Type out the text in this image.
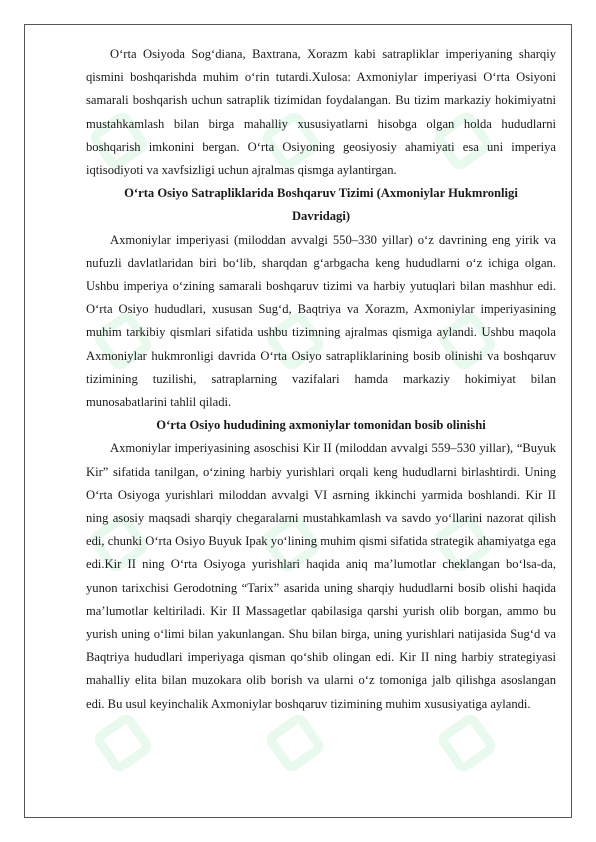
O‘rta Osiyoda Sog‘diana, Baxtrana, Xorazm kabi satrapliklar imperiyaning sharqiy qismini boshqarishda muhim o‘rin tutardi.Xulosa: Axmoniylar imperiyasi O‘rta Osiyoni samarali boshqarish uchun satraplik tizimidan foydalangan. Bu tizim markaziy hokimiyatni mustahkamlash bilan birga mahalliy xususiyatlarni hisobga olgan holda hududlarni boshqarish imkonini bergan. O‘rta Osiyoning geosiyosiy ahamiyati esa uni imperiya iqtisodiyoti va xavfsizligi uchun ajralmas qismga aylantirgan.

O‘rta Osiyo Satrapliklarida Boshqaruv Tizimi (Axmoniylar Hukmronligi Davridagi)

Axmoniylar imperiyasi (miloddan avvalgi 550–330 yillar) o‘z davrining eng yirik va nufuzli davlatlaridan biri bo‘lib, sharqdan g‘arbgacha keng hududlarni o‘z ichiga olgan. Ushbu imperiya o‘zining samarali boshqaruv tizimi va harbiy yutuqlari bilan mashhur edi. O‘rta Osiyo hududlari, xususan Sug‘d, Baqtriya va Xorazm, Axmoniylar imperiyasining muhim tarkibiy qismlari sifatida ushbu tizimning ajralmas qismiga aylandi. Ushbu maqola Axmoniylar hukmronligi davrida O‘rta Osiyo satrapliklarining bosib olinishi va boshqaruv tizimining tuzilishi, satraplarning vazifalari hamda markaziy hokimiyat bilan munosabatlarini tahlil qiladi.

O‘rta Osiyo hududining axmoniylar tomonidan bosib olinishi

Axmoniylar imperiyasining asoschisi Kir II (miloddan avvalgi 559–530 yillar), “Buyuk Kir” sifatida tanilgan, o‘zining harbiy yurishlari orqali keng hududlarni birlashtirdi. Uning O‘rta Osiyoga yurishlari miloddan avvalgi VI asrning ikkinchi yarmida boshlandi. Kir II ning asosiy maqsadi sharqiy chegaralarni mustahkamlash va savdo yo‘llarini nazorat qilish edi, chunki O‘rta Osiyo Buyuk Ipak yo‘lining muhim qismi sifatida strategik ahamiyatga ega edi.Kir II ning O‘rta Osiyoga yurishlari haqida aniq ma’lumotlar cheklangan bo‘lsa-da, yunon tarixchisi Gerodotning “Tarix” asarida uning sharqiy hududlarni bosib olishi haqida ma’lumotlar keltiriladi. Kir II Massagetlar qabilasiga qarshi yurish olib borgan, ammo bu yurish uning o‘limi bilan yakunlangan. Shu bilan birga, uning yurishlari natijasida Sug‘d va Baqtriya hududlari imperiyaga qisman qo‘shib olingan edi. Kir II ning harbiy strategiyasi mahalliy elita bilan muzokara olib borish va ularni o‘z tomoniga jalb qilishga asoslangan edi. Bu usul keyinchalik Axmoniylar boshqaruv tizimining muhim xususiyatiga aylandi.
